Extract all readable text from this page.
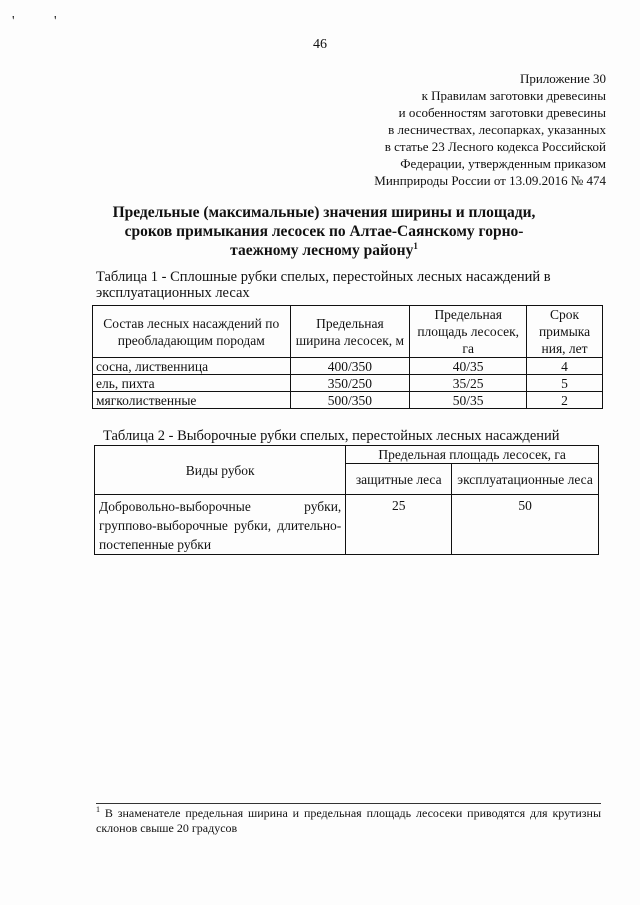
' '
46
Приложение 30
к Правилам заготовки древесины
и особенностям заготовки древесины
в лесничествах, лесопарках, указанных
в статье 23 Лесного кодекса Российской
Федерации, утвержденным приказом
Минприроды России от 13.09.2016 № 474
Предельные (максимальные) значения ширины и площади, сроков примыкания лесосек по Алтае-Саянскому горно-таежному лесному району$^1$
Таблица 1 - Сплошные рубки спелых, перестойных лесных насаждений в эксплуатационных лесах
Состав лесных насаждений по преобладающим породам	Предельная ширина лесосек, м	Предельная площадь лесосек, га	Срок примыка ния, лет
сосна, лиственница	400/350	40/35	4
ель, пихта	350/250	35/25	5
мягколиственные	500/350	50/35	2
Таблица 2 - Выборочные рубки спелых, перестойных лесных насаждений
Виды рубок	Предельная площадь лесосек, га	
	защитные леса	эксплуатационные леса
Добровольно-выборочные рубки, группово-выборочные рубки, длительно-постепенные рубки	25	50
$^1$ В знаменателе предельная ширина и предельная площадь лесосеки приводятся для крутизны склонов свыше 20 градусов
